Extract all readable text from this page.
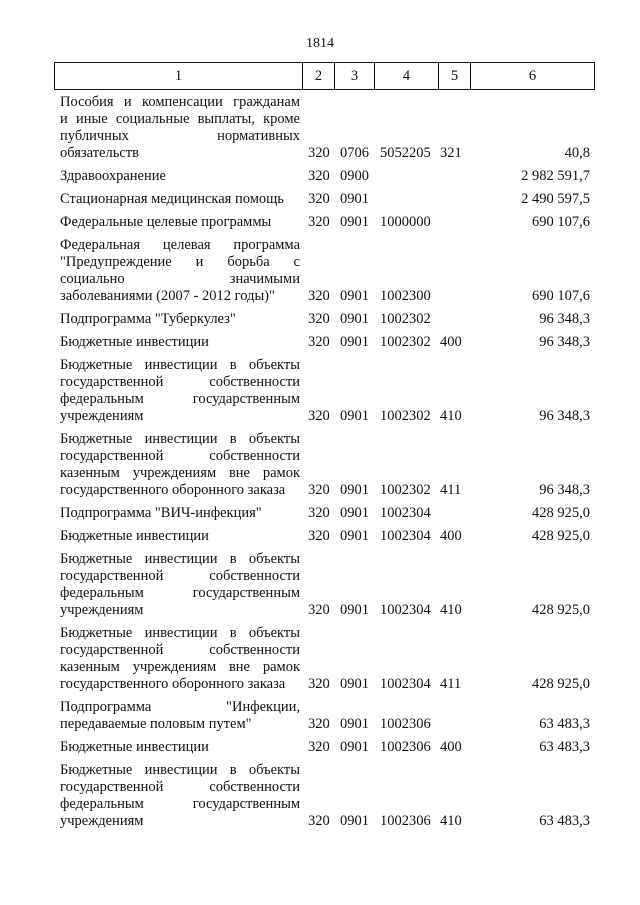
1814
1	2	3	4	5	6
Пособия и компенсации гражданам
и иные социальные выплаты, кроме
публичных нормативных
обязательств	320 0706 5052205 321	40,8
Здравоохранение	320 0900	2 982 591,7
Стационарная медицинская помощь	320 0901	2 490 597,5
Федеральные целевые программы	320 0901 1000000	690 107,6
Федеральная целевая программа
"Предупреждение и борьба с
социально значимыми
заболеваниями (2007 - 2012 годы)"	320 0901 1002300	690 107,6
Подпрограмма "Туберкулез"	320 0901 1002302	96 348,3
Бюджетные инвестиции	320 0901 1002302 400	96 348,3
Бюджетные инвестиции в объекты
государственной собственности
федеральным государственным
учреждениям	320 0901 1002302 410	96 348,3
Бюджетные инвестиции в объекты
государственной собственности
казенным учреждениям вне рамок
государственного оборонного заказа	320 0901 1002302 411	96 348,3
Подпрограмма "ВИЧ-инфекция"	320 0901 1002304	428 925,0
Бюджетные инвестиции	320 0901 1002304 400	428 925,0
Бюджетные инвестиции в объекты
государственной собственности
федеральным государственным
учреждениям	320 0901 1002304 410	428 925,0
Бюджетные инвестиции в объекты
государственной собственности
казенным учреждениям вне рамок
государственного оборонного заказа	320 0901 1002304 411	428 925,0
Подпрограмма "Инфекции,
передаваемые половым путем"	320 0901 1002306	63 483,3
Бюджетные инвестиции	320 0901 1002306 400	63 483,3
Бюджетные инвестиции в объекты
государственной собственности
федеральным государственным
учреждениям	320 0901 1002306 410	63 483,3
